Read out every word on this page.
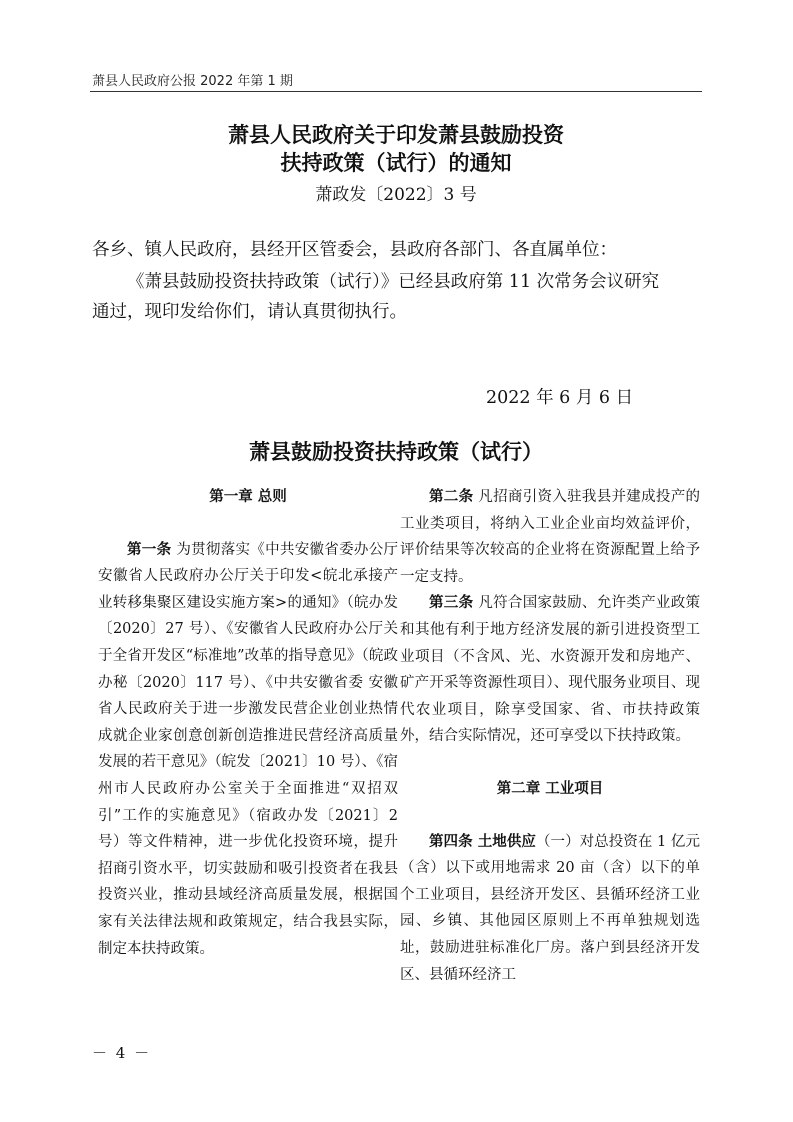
萧县人民政府公报 2022 年第 1 期
萧县人民政府关于印发萧县鼓励投资
扶持政策（试行）的通知

萧政发〔2022〕3 号

各乡、镇人民政府，县经开区管委会，县政府各部门、各直属单位：

《萧县鼓励投资扶持政策（试行）》已经县政府第 11 次常务会议研究

通过，现印发给你们，请认真贯彻执行。

2022 年 6 月 6 日

萧县鼓励投资扶持政策（试行）

第一章 总则

第一条 为贯彻落实《中共安徽省委办公厅 安徽省人民政府办公厅关于印发<皖北承接产业转移集聚区建设实施方案>的通知》（皖办发〔2020〕27 号）、《安徽省人民政府办公厅关于全省开发区“标准地”改革的指导意见》（皖政办秘〔2020〕117 号）、《中共安徽省委 安徽省人民政府关于进一步激发民营企业创业热情成就企业家创意创新创造推进民营经济高质量发展的若干意见》（皖发〔2021〕10 号）、《宿州市人民政府办公室关于全面推进“双招双引”工作的实施意见》（宿政办发〔2021〕2 号）等文件精神，进一步优化投资环境，提升招商引资水平，切实鼓励和吸引投资者在我县投资兴业，推动县域经济高质量发展，根据国家有关法律法规和政策规定，结合我县实际，制定本扶持政策。

第二条 凡招商引资入驻我县并建成投产的工业类项目，将纳入工业企业亩均效益评价，评价结果等次较高的企业将在资源配置上给予一定支持。

第三条 凡符合国家鼓励、允许类产业政策和其他有利于地方经济发展的新引进投资型工业项目（不含风、光、水资源开发和房地产、矿产开采等资源性项目）、现代服务业项目、现代农业项目，除享受国家、省、市扶持政策外，结合实际情况，还可享受以下扶持政策。

第二章 工业项目

第四条 土地供应（一）对总投资在 1 亿元（含）以下或用地需求 20 亩（含）以下的单个工业项目，县经济开发区、县循环经济工业园、乡镇、其他园区原则上不再单独规划选址，鼓励进驻标准化厂房。落户到县经济开发区、县循环经济工

－ 4 －
